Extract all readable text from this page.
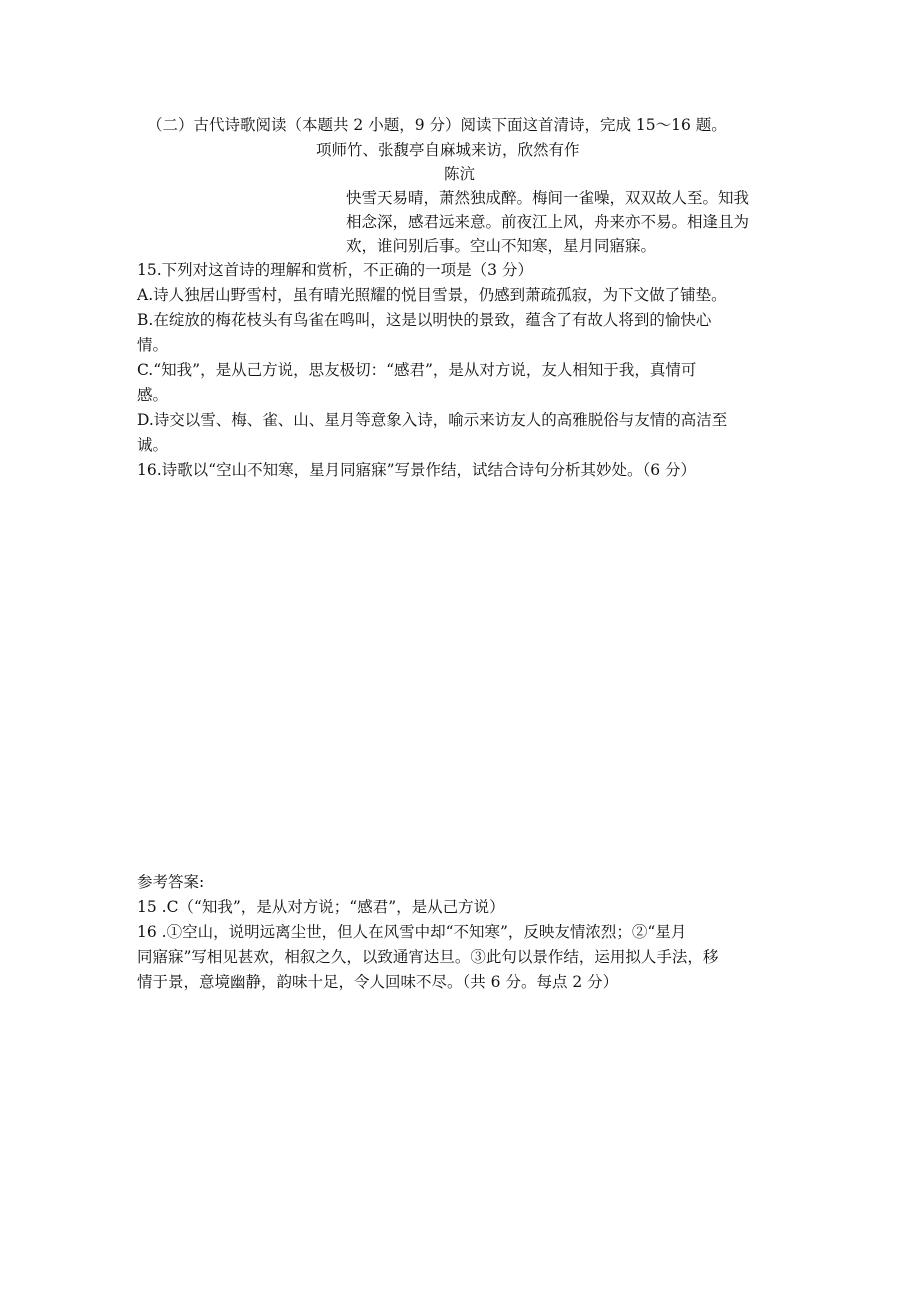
（二）古代诗歌阅读（本题共 2 小题，9 分）阅读下面这首清诗，完成 15～16 题。
项师竹、张馥亭自麻城来访，欣然有作
陈沆
快雪天易晴，萧然独成醉。梅间一雀噪，双双故人至。知我
相念深，感君远来意。前夜江上风，舟来亦不易。相逢且为
欢，谁问别后事。空山不知寒，星月同寤寐。
15.下列对这首诗的理解和赏析，不正确的一项是（3 分）
A.诗人独居山野雪村，虽有晴光照耀的悦目雪景，仍感到萧疏孤寂，为下文做了铺垫。
B.在绽放的梅花枝头有鸟雀在鸣叫，这是以明快的景致，蕴含了有故人将到的愉快心
情。
C.“知我”，是从己方说，思友极切：“感君”，是从对方说，友人相知于我，真情可
感。
D.诗交以雪、梅、雀、山、星月等意象入诗，喻示来访友人的高雅脱俗与友情的高洁至
诚。
16.诗歌以“空山不知寒，星月同寤寐”写景作结，试结合诗句分析其妙处。（6 分）
参考答案:
15 .C（“知我”，是从对方说；“感君”，是从己方说）
16 .①空山，说明远离尘世，但人在风雪中却“不知寒”，反映友情浓烈；②“星月
同寤寐”写相见甚欢，相叙之久，以致通宵达旦。③此句以景作结，运用拟人手法，移
情于景，意境幽静，韵味十足，令人回味不尽。（共 6 分。每点 2 分）
